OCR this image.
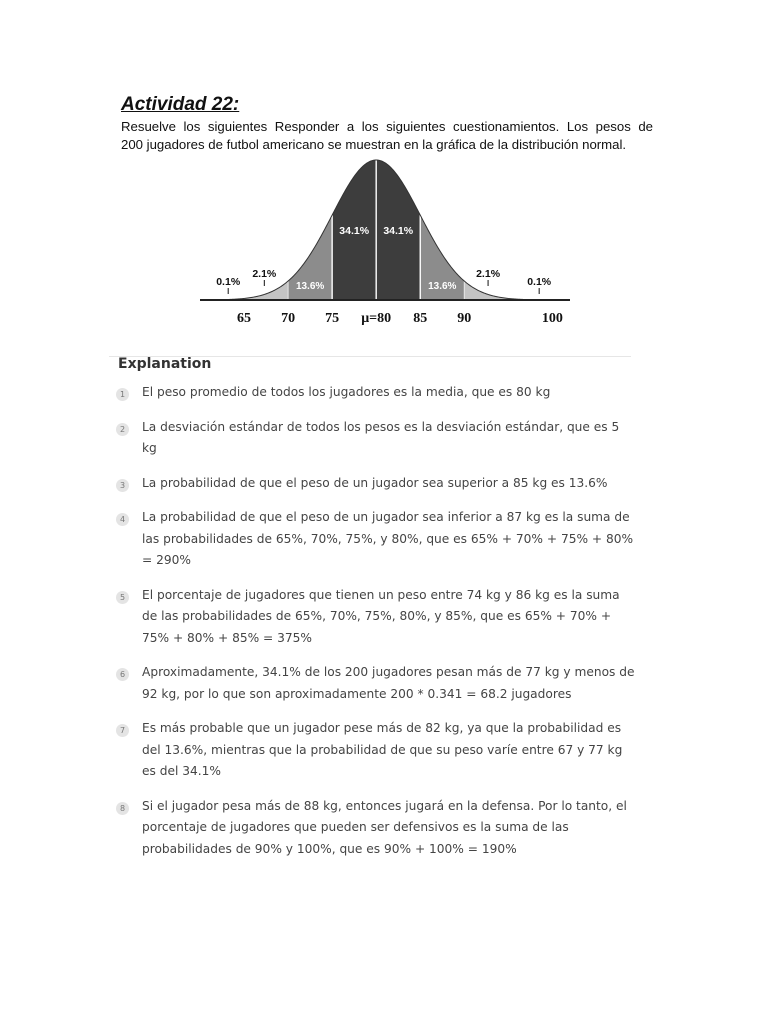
Actividad 22:
Resuelve los siguientes Responder a los siguientes cuestionamientos. Los pesos de
200 jugadores de futbol americano se muestran en la gráfica de la distribución normal.
34.1%
34.1%
13.6%
13.6%
2.1%
2.1%
0.1%
0.1%
65 70 75 μ=80 85 90	100
Explanation
1	El peso promedio de todos los jugadores es la media, que es 80 kg
2	La desviación estándar de todos los pesos es la desviación estándar, que es 5 kg
3	La probabilidad de que el peso de un jugador sea superior a 85 kg es 13.6%
4	La probabilidad de que el peso de un jugador sea inferior a 87 kg es la suma de las probabilidades de 65%, 70%, 75%, y 80%, que es 65% + 70% + 75% + 80% = 290%
5	El porcentaje de jugadores que tienen un peso entre 74 kg y 86 kg es la suma de las probabilidades de 65%, 70%, 75%, 80%, y 85%, que es 65% + 70% + 75% + 80% + 85% = 375%
6	Aproximadamente, 34.1% de los 200 jugadores pesan más de 77 kg y menos de 92 kg, por lo que son aproximadamente 200 * 0.341 = 68.2 jugadores
7	Es más probable que un jugador pese más de 82 kg, ya que la probabilidad es del 13.6%, mientras que la probabilidad de que su peso varíe entre 67 y 77 kg es del 34.1%
8	Si el jugador pesa más de 88 kg, entonces jugará en la defensa. Por lo tanto, el porcentaje de jugadores que pueden ser defensivos es la suma de las probabilidades de 90% y 100%, que es 90% + 100% = 190%
